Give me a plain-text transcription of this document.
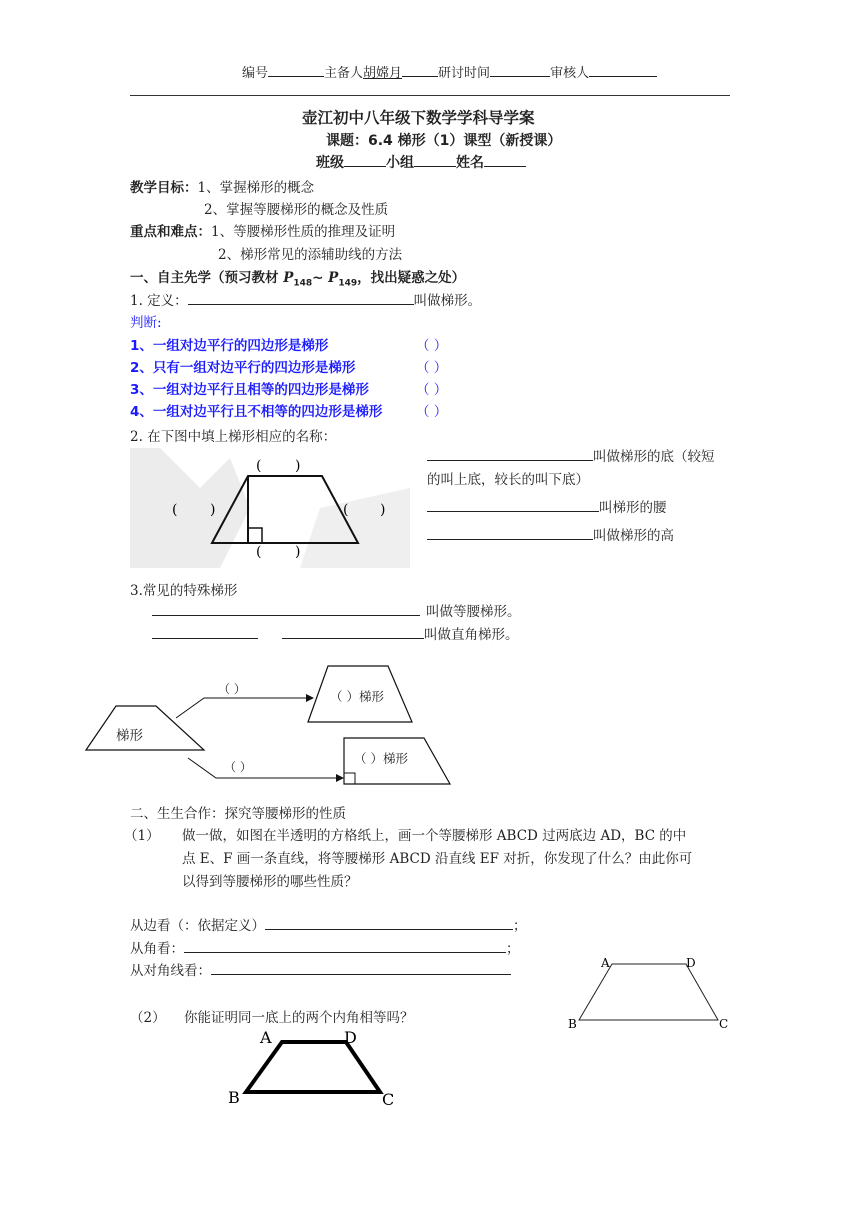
编号	主备人胡嫦月	研讨时间	审核人
壶江初中八年级下数学学科导学案
课题：6.4 梯形（1）课型（新授课）
班级	小组	姓名
教学目标：1、掌握梯形的概念
2、掌握等腰梯形的概念及性质
重点和难点：1、等腰梯形性质的推理及证明
2、梯形常见的添辅助线的方法
一、自主先学（预习教材 $P_{148}\sim$ $P_{149}$，找出疑惑之处）
1. 定义：	叫做梯形。
判断:
1、一组对边平行的四边形是梯形	（ ）
2、只有一组对边平行的四边形是梯形	（ ）
3、一组对边平行且相等的四边形是梯形	（ ）
4、一组对边平行且不相等的四边形是梯形 （ ）
2. 在下图中填上梯形相应的名称：
( )
( )	( )
( )
叫做梯形的底（较短
的叫上底，较长的叫下底）
叫梯形的腰
叫做梯形的高
3.常见的特殊梯形
叫做等腰梯形。
叫做直角梯形。
梯形
（ ）	（ ）梯形
（ ）
（ ）梯形
二、生生合作：探究等腰梯形的性质
（1） 做一做，如图在半透明的方格纸上，画一个等腰梯形 ABCD 过两底边 AD，BC 的中
点 E、F 画一条直线，将等腰梯形 ABCD 沿直线 EF 对折，你发现了什么？由此你可
以得到等腰梯形的哪些性质？
从边看（：依据定义）	；
从角看：	；
从对角线看：	A	D
B	C
（2） 你能证明同一底上的两个内角相等吗？
A	D
B	C
